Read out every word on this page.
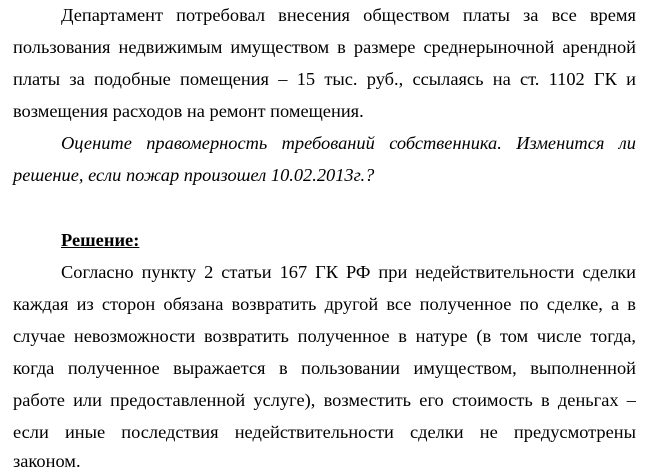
Департамент потребовал внесения обществом платы за все время
пользования недвижимым имуществом в размере среднерыночной арендной
платы за подобные помещения – 15 тыс. руб., ссылаясь на ст. 1102 ГК и
возмещения расходов на ремонт помещения.
Оцените правомерность требований собственника. Изменится ли
решение, если пожар произошел 10.02.2013г.?
Решение:
Согласно пункту 2 статьи 167 ГК РФ при недействительности сделки
каждая из сторон обязана возвратить другой все полученное по сделке, а в
случае невозможности возвратить полученное в натуре (в том числе тогда,
когда полученное выражается в пользовании имуществом, выполненной
работе или предоставленной услуге), возместить его стоимость в деньгах –
если иные последствия недействительности сделки не предусмотрены
законом.
